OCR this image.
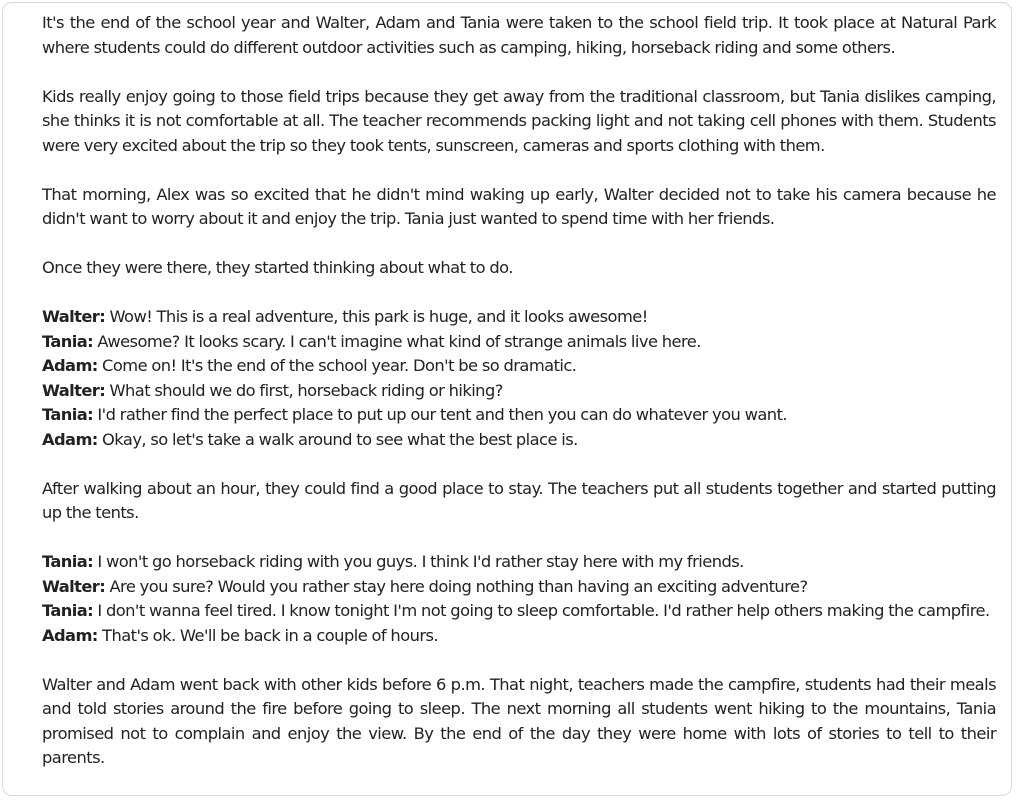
It's the end of the school year and Walter, Adam and Tania were taken to the school field trip. It took place at Natural Park where students could do different outdoor activities such as camping, hiking, horseback riding and some others.

Kids really enjoy going to those field trips because they get away from the traditional classroom, but Tania dislikes camping, she thinks it is not comfortable at all. The teacher recommends packing light and not taking cell phones with them. Students were very excited about the trip so they took tents, sunscreen, cameras and sports clothing with them.

That morning, Alex was so excited that he didn't mind waking up early, Walter decided not to take his camera because he didn't want to worry about it and enjoy the trip. Tania just wanted to spend time with her friends.

Once they were there, they started thinking about what to do.

Walter: Wow! This is a real adventure, this park is huge, and it looks awesome!
Tania: Awesome? It looks scary. I can't imagine what kind of strange animals live here.
Adam: Come on! It's the end of the school year. Don't be so dramatic.
Walter: What should we do first, horseback riding or hiking?
Tania: I'd rather find the perfect place to put up our tent and then you can do whatever you want.
Adam: Okay, so let's take a walk around to see what the best place is.

After walking about an hour, they could find a good place to stay. The teachers put all students together and started putting up the tents.

Tania: I won't go horseback riding with you guys. I think I'd rather stay here with my friends.
Walter: Are you sure? Would you rather stay here doing nothing than having an exciting adventure?
Tania: I don't wanna feel tired. I know tonight I'm not going to sleep comfortable. I'd rather help others making the campfire.
Adam: That's ok. We'll be back in a couple of hours.

Walter and Adam went back with other kids before 6 p.m. That night, teachers made the campfire, students had their meals and told stories around the fire before going to sleep. The next morning all students went hiking to the mountains, Tania promised not to complain and enjoy the view. By the end of the day they were home with lots of stories to tell to their parents.
